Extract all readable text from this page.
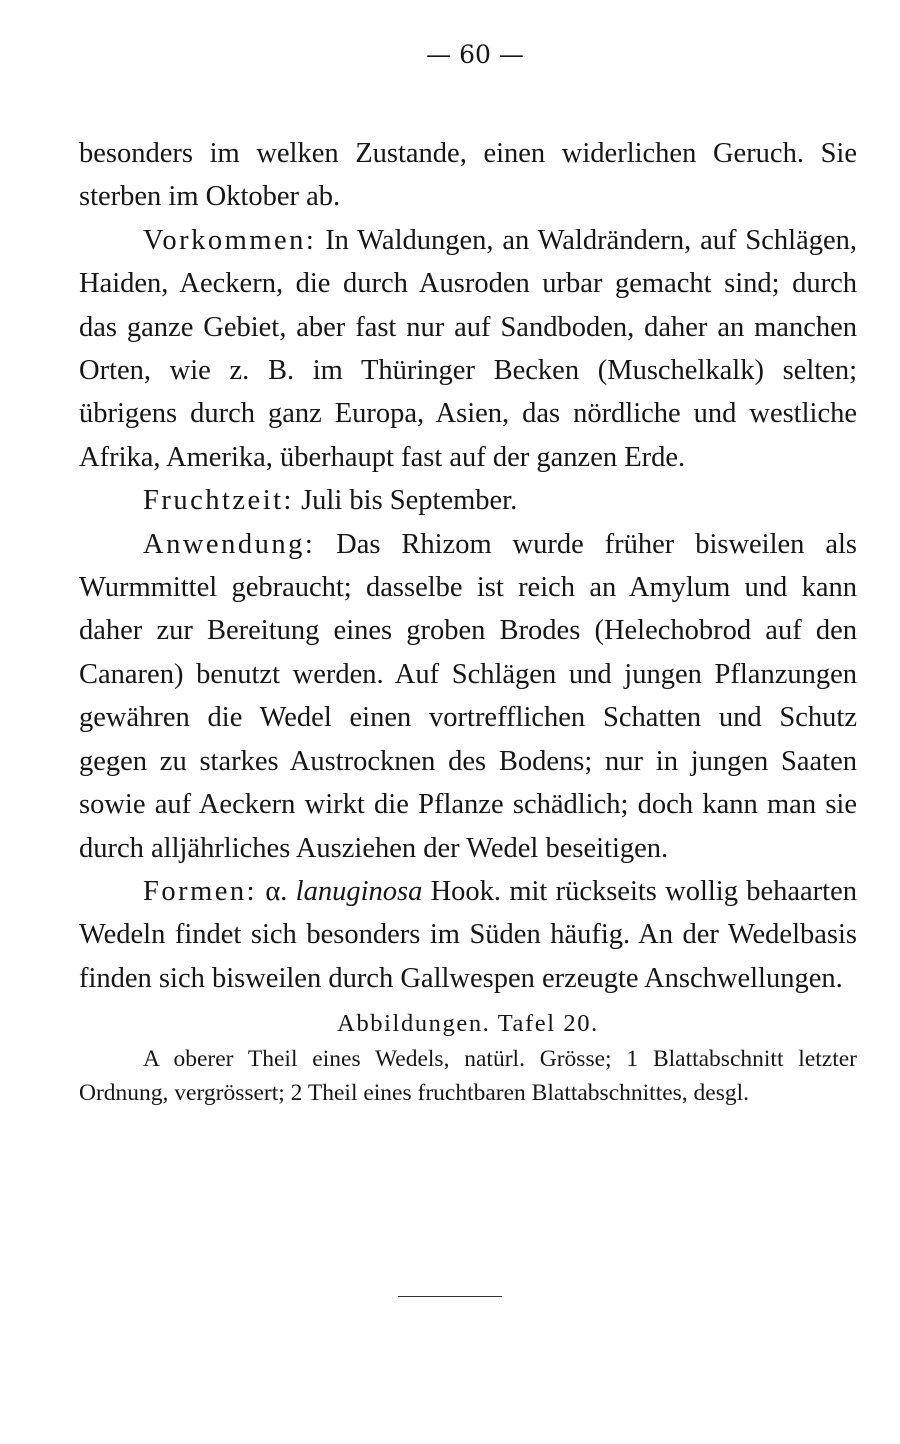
— 60 —

besonders im welken Zustande, einen widerlichen Geruch. Sie sterben im Oktober ab.

Vorkommen: In Waldungen, an Waldrändern, auf Schlägen, Haiden, Aeckern, die durch Ausroden urbar gemacht sind; durch das ganze Gebiet, aber fast nur auf Sandboden, daher an manchen Orten, wie z. B. im Thüringer Becken (Muschelkalk) selten; übrigens durch ganz Europa, Asien, das nördliche und westliche Afrika, Amerika, überhaupt fast auf der ganzen Erde.

Fruchtzeit: Juli bis September.

Anwendung: Das Rhizom wurde früher bisweilen als Wurmmittel gebraucht; dasselbe ist reich an Amylum und kann daher zur Bereitung eines groben Brodes (Helechobrod auf den Canaren) benutzt werden. Auf Schlägen und jungen Pflanzungen gewähren die Wedel einen vortrefflichen Schatten und Schutz gegen zu starkes Austrocknen des Bodens; nur in jungen Saaten sowie auf Aeckern wirkt die Pflanze schädlich; doch kann man sie durch alljährliches Ausziehen der Wedel beseitigen.

Formen: α. lanuginosa Hook. mit rückseits wollig behaarten Wedeln findet sich besonders im Süden häufig. An der Wedelbasis finden sich bisweilen durch Gallwespen erzeugte Anschwellungen.

Abbildungen. Tafel 20.

A oberer Theil eines Wedels, natürl. Grösse; 1 Blattabschnitt letzter Ordnung, vergrössert; 2 Theil eines fruchtbaren Blattabschnittes, desgl.
